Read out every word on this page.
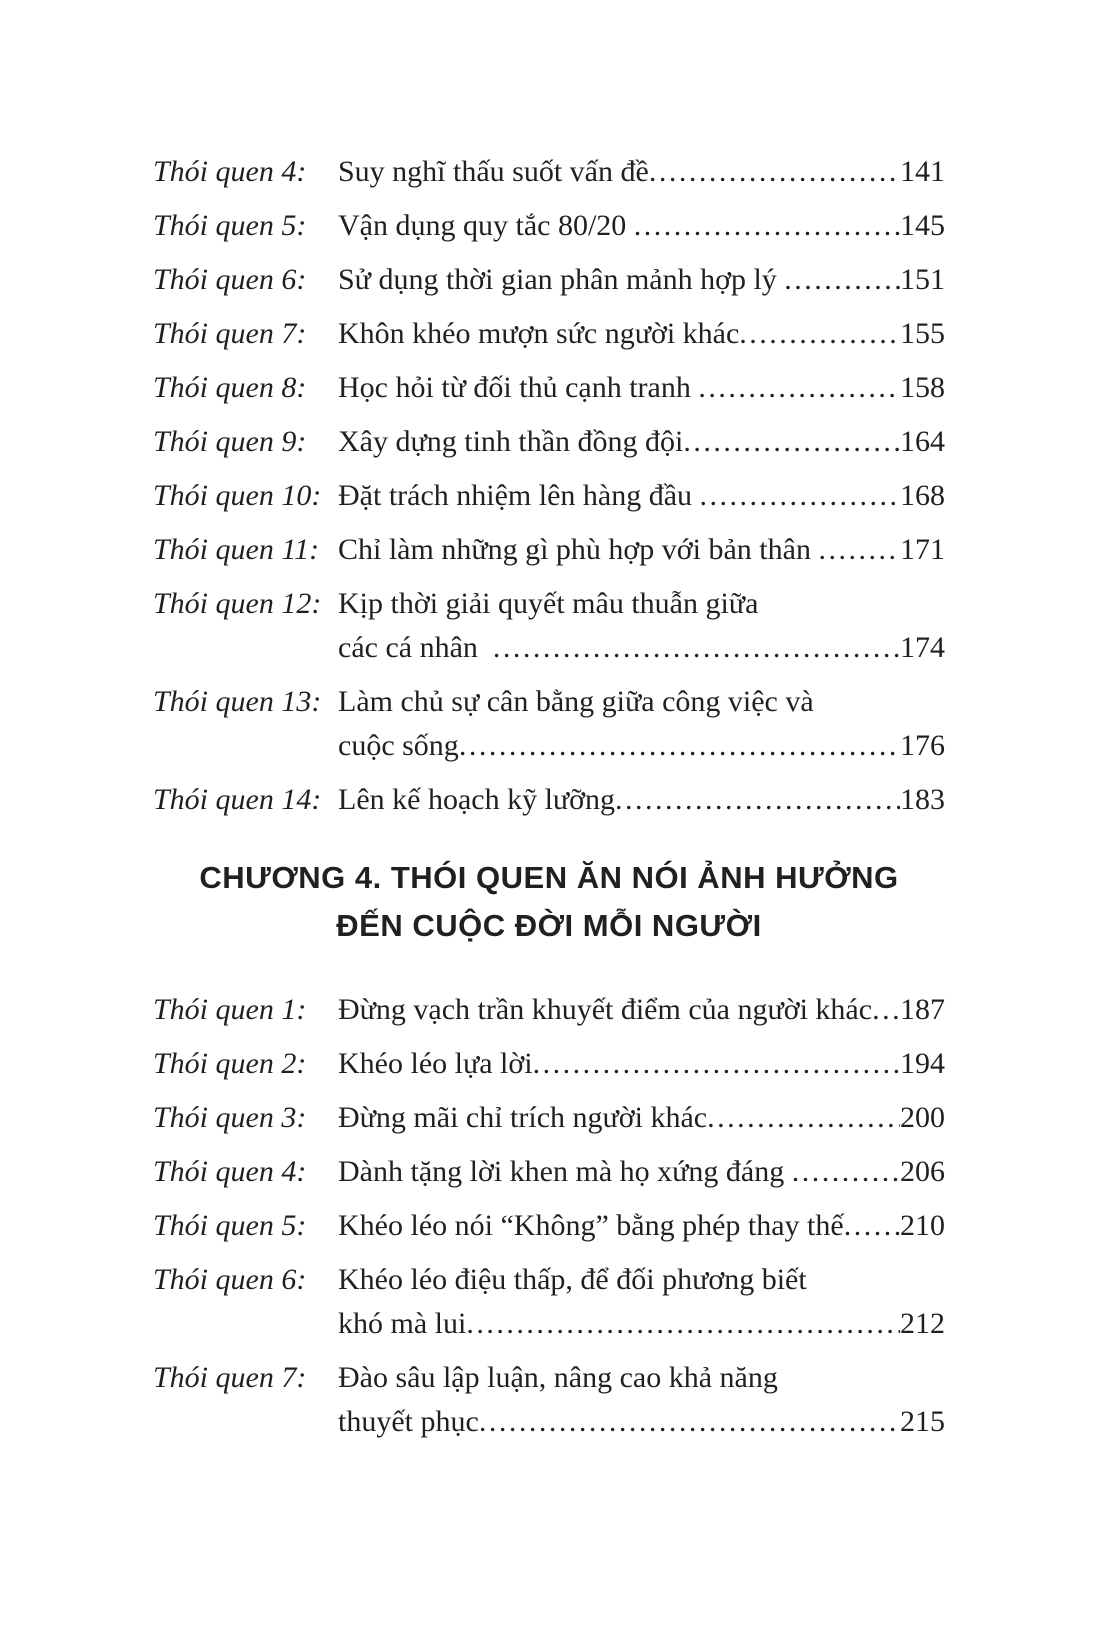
Thói quen 4:	Suy nghĩ thấu suốt vấn đề .....	141
Thói quen 5:	Vận dụng quy tắc 80/20 .....	145
Thói quen 6:	Sử dụng thời gian phân mảnh hợp lý .....	151
Thói quen 7:	Khôn khéo mượn sức người khác .....	155
Thói quen 8:	Học hỏi từ đối thủ cạnh tranh .....	158
Thói quen 9:	Xây dựng tinh thần đồng đội .....	164
Thói quen 10: Đặt trách nhiệm lên hàng đầu .....	168
Thói quen 11: Chỉ làm những gì phù hợp với bản thân .....	171
Thói quen 12: Kịp thời giải quyết mâu thuẫn giữa
các cá nhân .....	174
Thói quen 13: Làm chủ sự cân bằng giữa công việc và
cuộc sống .....	176
Thói quen 14: Lên kế hoạch kỹ lưỡng .....	183
CHƯƠNG 4. THÓI QUEN ĂN NÓI ẢNH HƯỞNG
ĐẾN CUỘC ĐỜI MỖI NGƯỜI
Thói quen 1:	Đừng vạch trần khuyết điểm của người khác ..... 187
Thói quen 2:	Khéo léo lựa lời .....	194
Thói quen 3:	Đừng mãi chỉ trích người khác .....	200
Thói quen 4:	Dành tặng lời khen mà họ xứng đáng .....	206
Thói quen 5:	Khéo léo nói “Không” bằng phép thay thế ..... 210
Thói quen 6:	Khéo léo điệu thấp, để đối phương biết
khó mà lui .....	212
Thói quen 7:	Đào sâu lập luận, nâng cao khả năng
thuyết phục .....	215
